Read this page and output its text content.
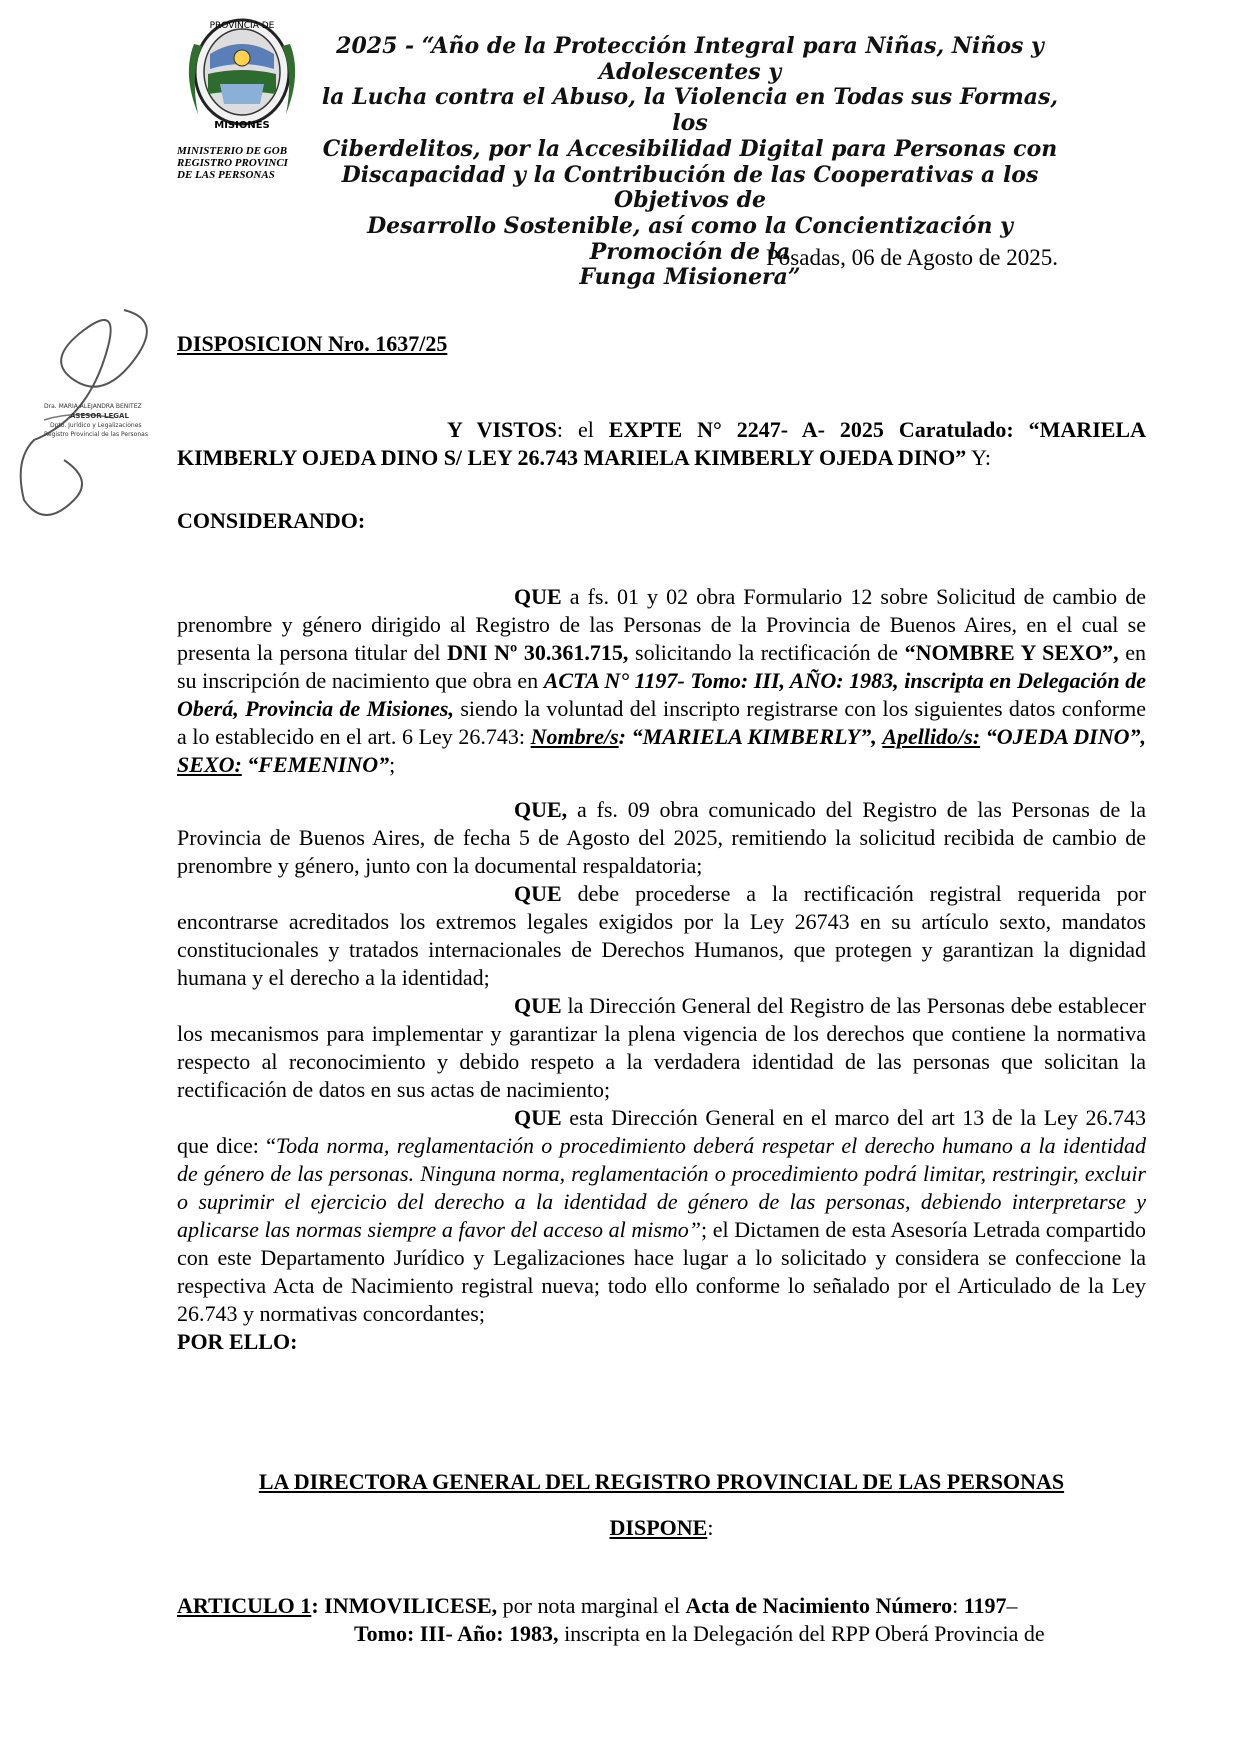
PROVINCIA DE
MISIONES
MINISTERIO DE GOB
REGISTRO PROVINCI
DE LAS PERSONAS
2025 - “Año de la Protección Integral para Niñas, Niños y Adolescentes y
la Lucha contra el Abuso, la Violencia en Todas sus Formas, los
Ciberdelitos, por la Accesibilidad Digital para Personas con
Discapacidad y la Contribución de las Cooperativas a los Objetivos de
Desarrollo Sostenible, así como la Concientización y Promoción de la
Funga Misionera”
Posadas, 06 de Agosto de 2025.
Dra. MARIA ALEJANDRA BENITEZ
ASESOR LEGAL
Dpto. Jurídico y Legalizaciones
Registro Provincial de las Personas
DISPOSICION Nro. 1637/25

Y VISTOS: el EXPTE N° 2247- A- 2025 Caratulado: “MARIELA KIMBERLY OJEDA DINO S/ LEY 26.743 MARIELA KIMBERLY OJEDA DINO” Y:

CONSIDERANDO:

QUE a fs. 01 y 02 obra Formulario 12 sobre Solicitud de cambio de prenombre y género dirigido al Registro de las Personas de la Provincia de Buenos Aires, en el cual se presenta la persona titular del DNI Nº 30.361.715, solicitando la rectificación de “NOMBRE Y SEXO”, en su inscripción de nacimiento que obra en ACTA N° 1197- Tomo: III, AÑO: 1983, inscripta en Delegación de Oberá, Provincia de Misiones, siendo la voluntad del inscripto registrarse con los siguientes datos conforme a lo establecido en el art. 6 Ley 26.743: Nombre/s: “MARIELA KIMBERLY”, Apellido/s: “OJEDA DINO”, SEXO: “FEMENINO”;

QUE, a fs. 09 obra comunicado del Registro de las Personas de la Provincia de Buenos Aires, de fecha 5 de Agosto del 2025, remitiendo la solicitud recibida de cambio de prenombre y género, junto con la documental respaldatoria;

QUE debe procederse a la rectificación registral requerida por encontrarse acreditados los extremos legales exigidos por la Ley 26743 en su artículo sexto, mandatos constitucionales y tratados internacionales de Derechos Humanos, que protegen y garantizan la dignidad humana y el derecho a la identidad;

QUE la Dirección General del Registro de las Personas debe establecer los mecanismos para implementar y garantizar la plena vigencia de los derechos que contiene la normativa respecto al reconocimiento y debido respeto a la verdadera identidad de las personas que solicitan la rectificación de datos en sus actas de nacimiento;

QUE esta Dirección General en el marco del art 13 de la Ley 26.743 que dice: “Toda norma, reglamentación o procedimiento deberá respetar el derecho humano a la identidad de género de las personas. Ninguna norma, reglamentación o procedimiento podrá limitar, restringir, excluir o suprimir el ejercicio del derecho a la identidad de género de las personas, debiendo interpretarse y aplicarse las normas siempre a favor del acceso al mismo”; el Dictamen de esta Asesoría Letrada compartido con este Departamento Jurídico y Legalizaciones hace lugar a lo solicitado y considera se confeccione la respectiva Acta de Nacimiento registral nueva; todo ello conforme lo señalado por el Articulado de la Ley 26.743 y normativas concordantes;

POR ELLO:

LA DIRECTORA GENERAL DEL REGISTRO PROVINCIAL DE LAS PERSONAS

DISPONE:

ARTICULO 1: INMOVILICESE, por nota marginal el Acta de Nacimiento Número: 1197–
Tomo: III- Año: 1983, inscripta en la Delegación del RPP Oberá Provincia de
